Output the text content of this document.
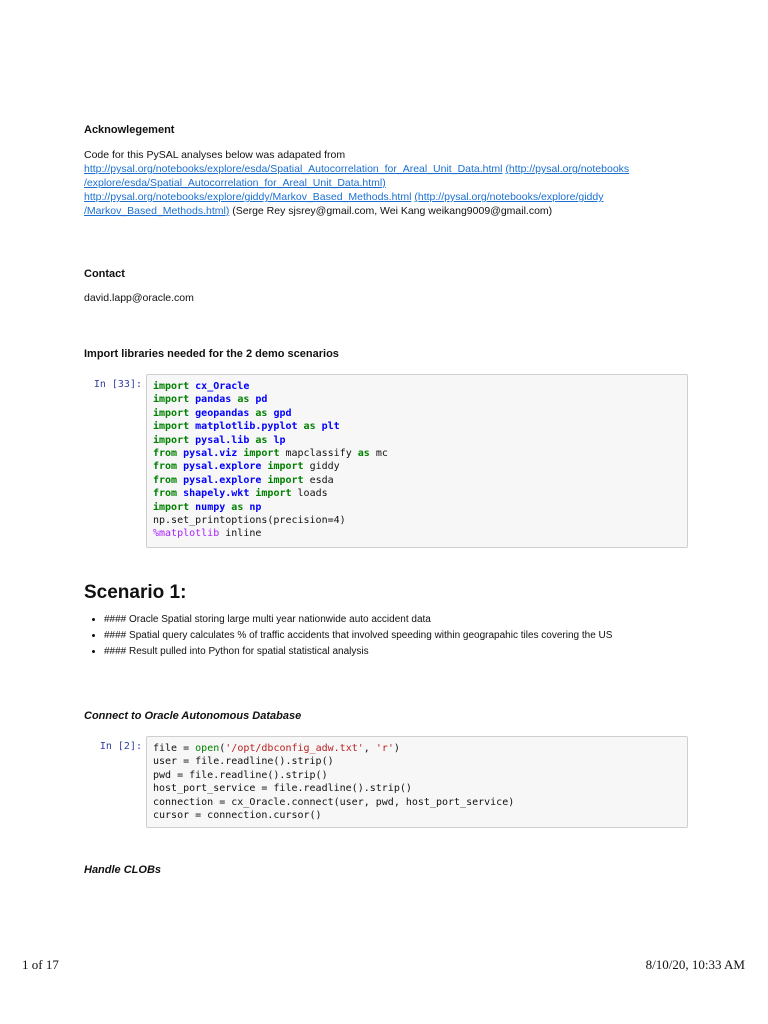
Acknowlegement
Code for this PySAL analyses below was adapated from
http://pysal.org/notebooks/explore/esda/Spatial_Autocorrelation_for_Areal_Unit_Data.html (http://pysal.org/notebooks
/explore/esda/Spatial_Autocorrelation_for_Areal_Unit_Data.html)
http://pysal.org/notebooks/explore/giddy/Markov_Based_Methods.html (http://pysal.org/notebooks/explore/giddy
/Markov_Based_Methods.html) (Serge Rey sjsrey@gmail.com, Wei Kang weikang9009@gmail.com)
Contact
david.lapp@oracle.com
Import libraries needed for the 2 demo scenarios
In [33]: import cx_Oracle
import pandas as pd
import geopandas as gpd
import matplotlib.pyplot as plt
import pysal.lib as lp
from pysal.viz import mapclassify as mc
from pysal.explore import giddy
from pysal.explore import esda
from shapely.wkt import loads
import numpy as np
np.set_printoptions(precision=4)
%matplotlib inline
Scenario 1:
• #### Oracle Spatial storing large multi year nationwide auto accident data
• #### Spatial query calculates % of traffic accidents that involved speeding within geograpahic tiles covering the US
• #### Result pulled into Python for spatial statistical analysis
Connect to Oracle Autonomous Database
In [2]: file = open('/opt/dbconfig_adw.txt', 'r')
user = file.readline().strip()
pwd = file.readline().strip()
host_port_service = file.readline().strip()
connection = cx_Oracle.connect(user, pwd, host_port_service)
cursor = connection.cursor()
Handle CLOBs
1 of 17	8/10/20, 10:33 AM
